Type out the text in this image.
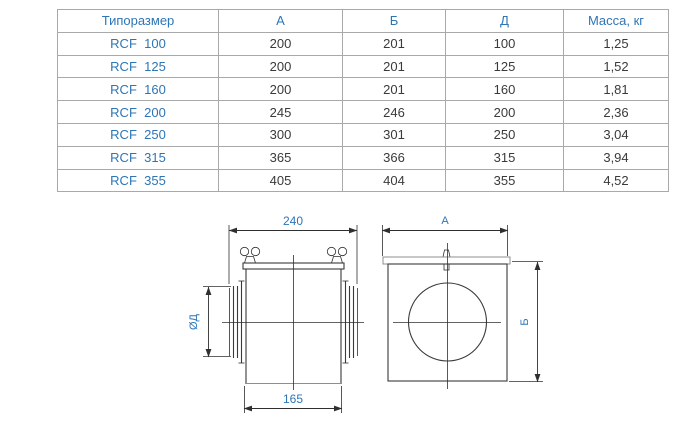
Типоразмер	А	Б	Д	Масса, кг
RCF  100	200	201	100	1,25
RCF  125	200	201	125	1,52
RCF  160	200	201	160	1,81
RCF  200	245	246	200	2,36
RCF  250	300	301	250	3,04
RCF  315	365	366	315	3,94
RCF  355	405	404	355	4,52
240
ØД
165
А
Б
